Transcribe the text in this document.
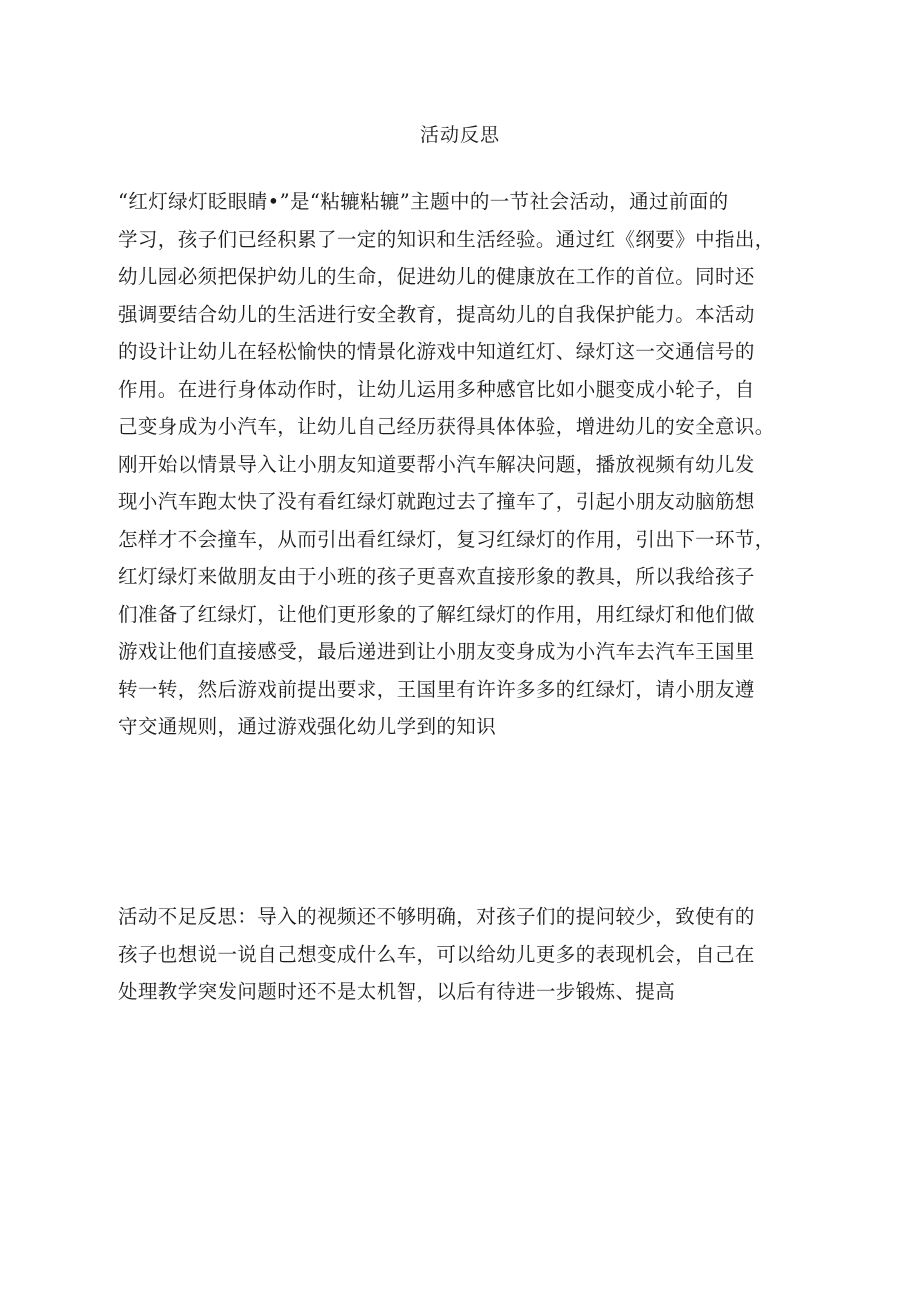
活动反思
“红灯绿灯眨眼睛•”是“粘辘粘辘”主题中的一节社会活动，通过前面的
学习，孩子们已经积累了一定的知识和生活经验。通过红《纲要》中指出，
幼儿园必须把保护幼儿的生命，促进幼儿的健康放在工作的首位。同时还
强调要结合幼儿的生活进行安全教育，提高幼儿的自我保护能力。本活动
的设计让幼儿在轻松愉快的情景化游戏中知道红灯、绿灯这一交通信号的
作用。在进行身体动作时，让幼儿运用多种感官比如小腿变成小轮子，自
己变身成为小汽车，让幼儿自己经历获得具体体验，增进幼儿的安全意识。
刚开始以情景导入让小朋友知道要帮小汽车解决问题，播放视频有幼儿发
现小汽车跑太快了没有看红绿灯就跑过去了撞车了，引起小朋友动脑筋想
怎样才不会撞车，从而引出看红绿灯，复习红绿灯的作用，引出下一环节，
红灯绿灯来做朋友由于小班的孩子更喜欢直接形象的教具，所以我给孩子
们准备了红绿灯，让他们更形象的了解红绿灯的作用，用红绿灯和他们做
游戏让他们直接感受，最后递进到让小朋友变身成为小汽车去汽车王国里
转一转，然后游戏前提出要求，王国里有许许多多的红绿灯，请小朋友遵
守交通规则，通过游戏强化幼儿学到的知识
活动不足反思：导入的视频还不够明确，对孩子们的提问较少，致使有的
孩子也想说一说自己想变成什么车，可以给幼儿更多的表现机会，自己在
处理教学突发问题时还不是太机智，以后有待进一步锻炼、提高
